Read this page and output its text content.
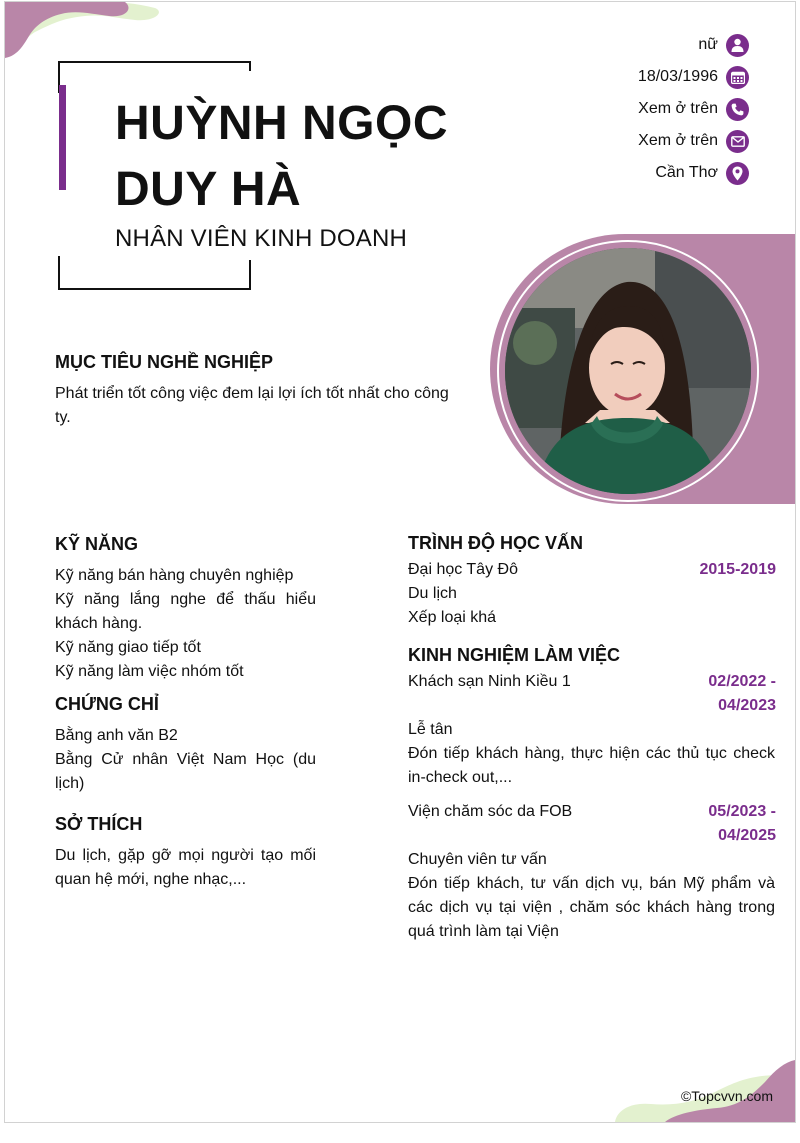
HUỲNH NGỌC
DUY HÀ
NHÂN VIÊN KINH DOANH
nữ
18/03/1996
Xem ở trên
Xem ở trên
Cần Thơ
MỤC TIÊU NGHỀ NGHIỆP
Phát triển tốt công việc đem lại lợi ích tốt nhất cho công ty.
KỸ NĂNG
Kỹ năng bán hàng chuyên nghiệp
Kỹ năng lắng nghe để thấu hiểu khách hàng.
Kỹ năng giao tiếp tốt
Kỹ năng làm việc nhóm tốt
CHỨNG CHỈ
Bằng anh văn B2
Bằng Cử nhân Việt Nam Học (du lịch)
SỞ THÍCH
Du lịch, gặp gỡ mọi người tạo mối quan hệ mới, nghe nhạc,...
TRÌNH ĐỘ HỌC VẤN
Đại học Tây Đô	2015-2019
Du lịch
Xếp loại khá
KINH NGHIỆM LÀM VIỆC
Khách sạn Ninh Kiều 1	02/2022 - 04/2023
Lễ tân
Đón tiếp khách hàng, thực hiện các thủ tục check in-check out,...
Viện chăm sóc da FOB	05/2023 - 04/2025
Chuyên viên tư vấn
Đón tiếp khách, tư vấn dịch vụ, bán Mỹ phẩm và các dịch vụ tại viện , chăm sóc khách hàng trong quá trình làm tại Viện
©Topcvvn.com
